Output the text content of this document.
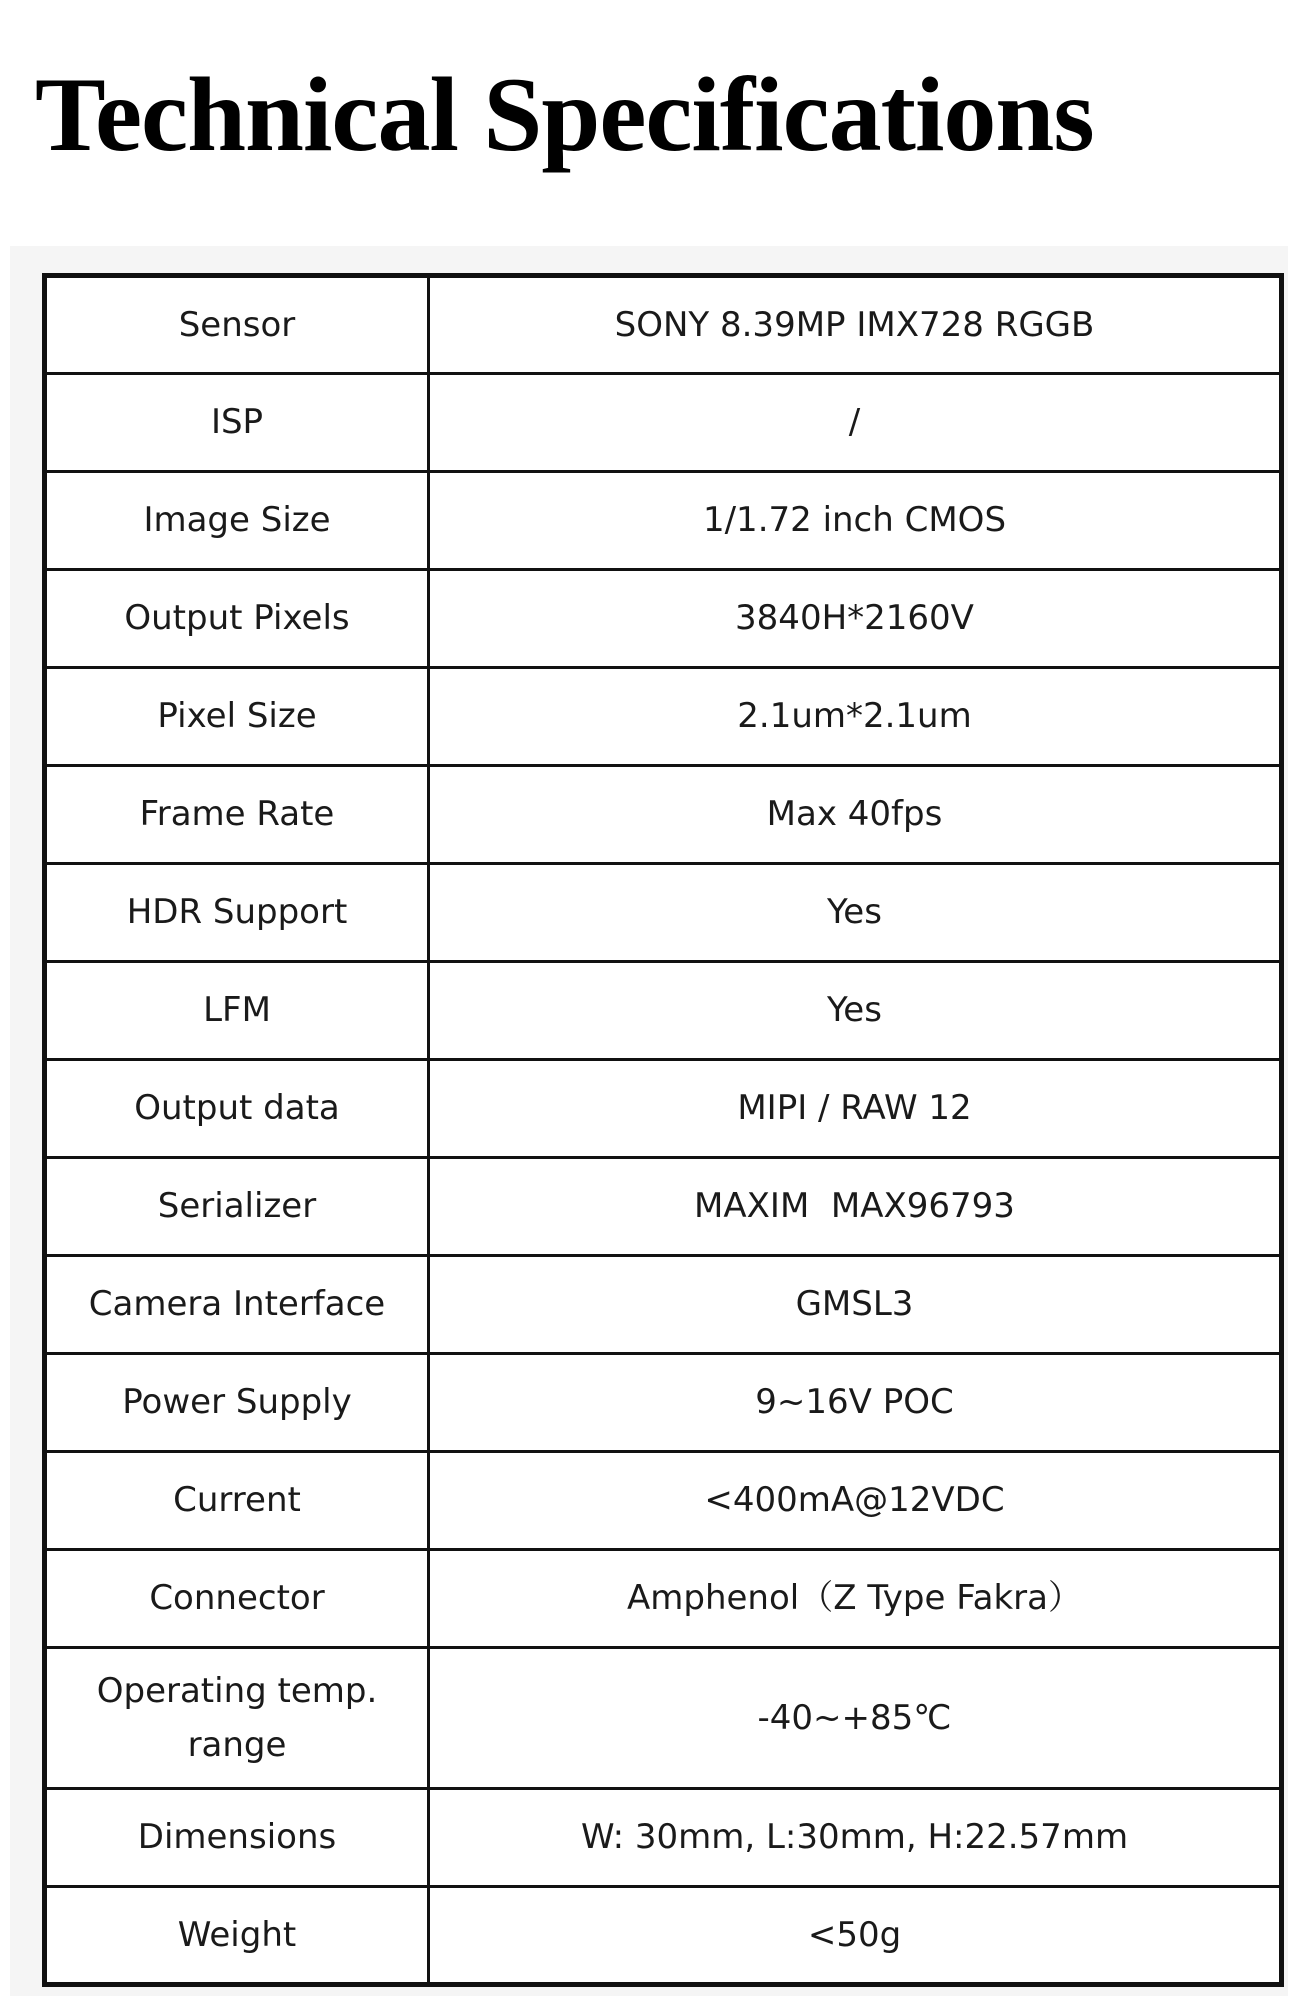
Technical Specifications
Sensor	SONY 8.39MP IMX728 RGGB
ISP	/
Image Size	1/1.72 inch CMOS
Output Pixels	3840H*2160V
Pixel Size	2.1um*2.1um
Frame Rate	Max 40fps
HDR Support	Yes
LFM	Yes
Output data	MIPI / RAW 12
Serializer	MAXIM  MAX96793
Camera Interface	GMSL3
Power Supply	9~16V POC
Current	<400mA@12VDC
Connector	Amphenol（Z Type Fakra）
Operating temp. range	-40~+85℃
Dimensions	W: 30mm, L:30mm, H:22.57mm
Weight	<50g
